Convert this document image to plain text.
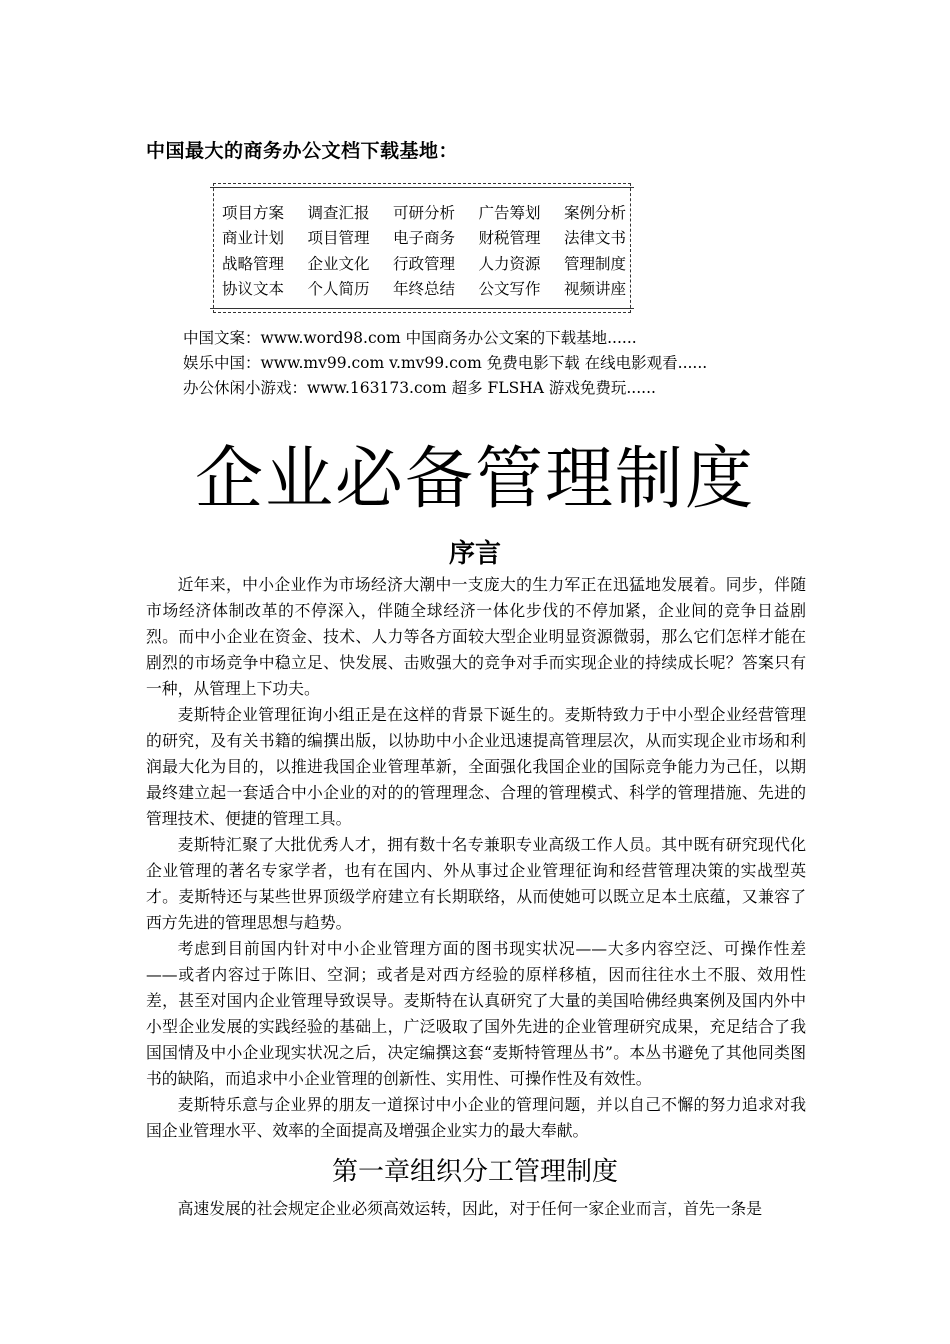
中国最大的商务办公文档下载基地：
项目方案 调查汇报 可研分析 广告筹划 案例分析
商业计划 项目管理 电子商务 财税管理 法律文书
战略管理 企业文化 行政管理 人力资源 管理制度
协议文本 个人简历 年终总结 公文写作 视频讲座
中国文案：www.word98.com 中国商务办公文案的下载基地......
娱乐中国：www.mv99.com v.mv99.com 免费电影下载 在线电影观看......
办公休闲小游戏：www.163173.com 超多 FLSHA 游戏免费玩......
企业必备管理制度
序言

近年来，中小企业作为市场经济大潮中一支庞大的生力军正在迅猛地发展着。同步，伴随市场经济体制改革的不停深入，伴随全球经济一体化步伐的不停加紧，企业间的竞争日益剧烈。而中小企业在资金、技术、人力等各方面较大型企业明显资源微弱，那么它们怎样才能在剧烈的市场竞争中稳立足、快发展、击败强大的竞争对手而实现企业的持续成长呢？答案只有一种，从管理上下功夫。

麦斯特企业管理征询小组正是在这样的背景下诞生的。麦斯特致力于中小型企业经营管理的研究，及有关书籍的编撰出版，以协助中小企业迅速提高管理层次，从而实现企业市场和利润最大化为目的，以推进我国企业管理革新，全面强化我国企业的国际竞争能力为己任，以期最终建立起一套适合中小企业的对的的管理理念、合理的管理模式、科学的管理措施、先进的管理技术、便捷的管理工具。

麦斯特汇聚了大批优秀人才，拥有数十名专兼职专业高级工作人员。其中既有研究现代化企业管理的著名专家学者，也有在国内、外从事过企业管理征询和经营管理决策的实战型英才。麦斯特还与某些世界顶级学府建立有长期联络，从而使她可以既立足本土底蕴，又兼容了西方先进的管理思想与趋势。

考虑到目前国内针对中小企业管理方面的图书现实状况——大多内容空泛、可操作性差——或者内容过于陈旧、空洞；或者是对西方经验的原样移植，因而往往水土不服、效用性差，甚至对国内企业管理导致误导。麦斯特在认真研究了大量的美国哈佛经典案例及国内外中小型企业发展的实践经验的基础上，广泛吸取了国外先进的企业管理研究成果，充足结合了我国国情及中小企业现实状况之后，决定编撰这套“麦斯特管理丛书”。本丛书避免了其他同类图书的缺陷，而追求中小企业管理的创新性、实用性、可操作性及有效性。

麦斯特乐意与企业界的朋友一道探讨中小企业的管理问题，并以自己不懈的努力追求对我国企业管理水平、效率的全面提高及增强企业实力的最大奉献。

第一章组织分工管理制度
高速发展的社会规定企业必须高效运转，因此，对于任何一家企业而言，首先一条是
